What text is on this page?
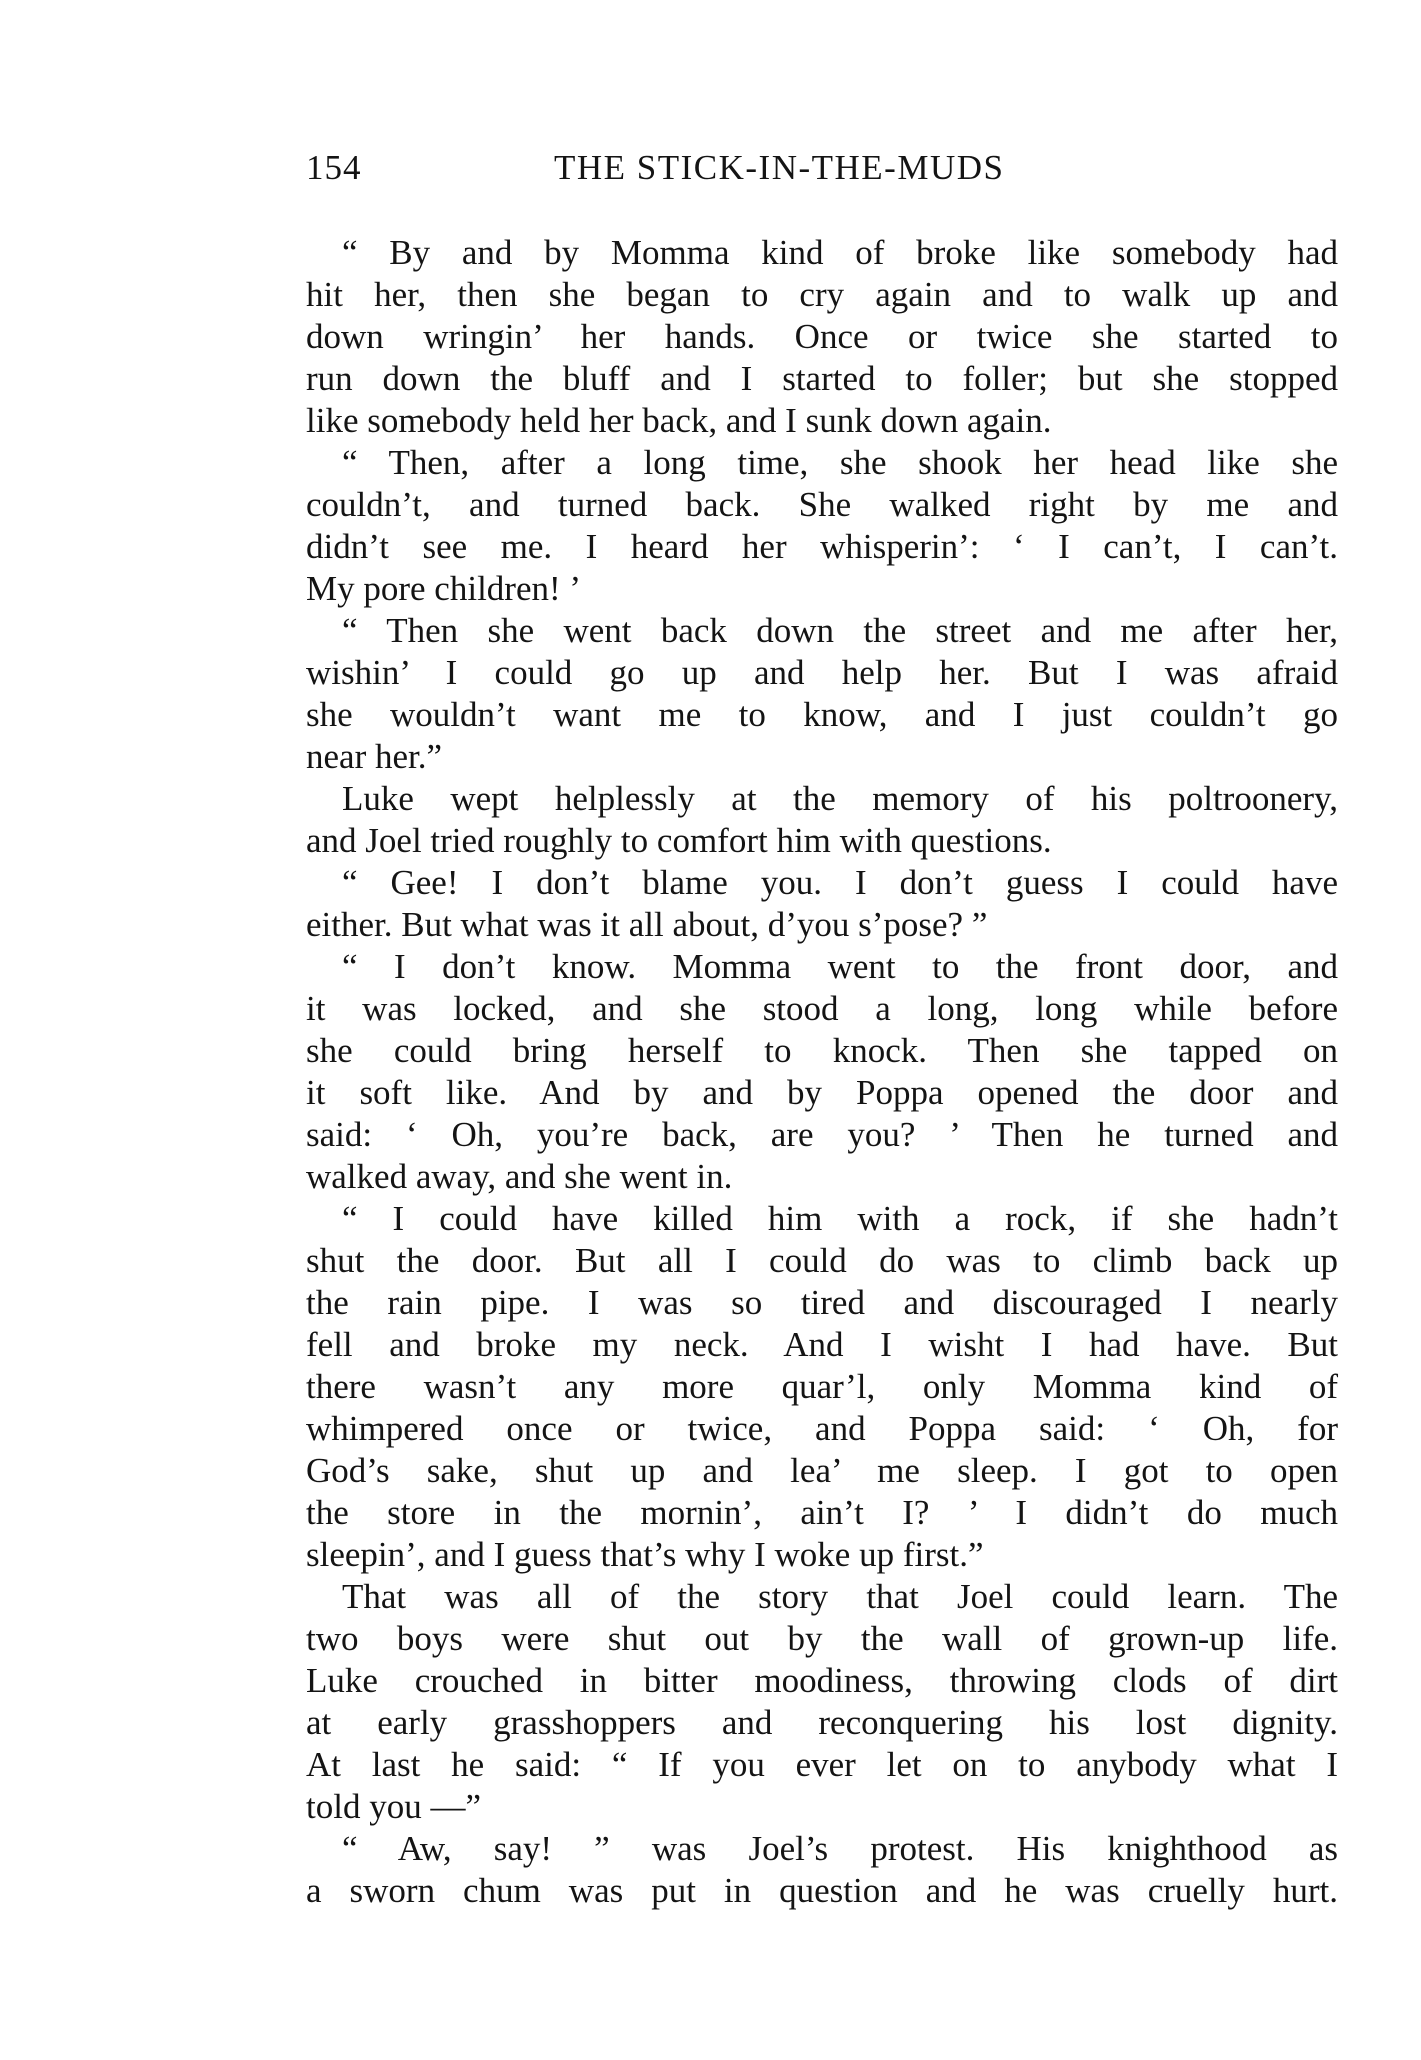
154	THE STICK-IN-THE-MUDS
“ By and by Momma kind of broke like somebody had
hit her, then she began to cry again and to walk up and
down wringin’ her hands. Once or twice she started to
run down the bluff and I started to foller; but she stopped
like somebody held her back, and I sunk down again.
“ Then, after a long time, she shook her head like she
couldn’t, and turned back. She walked right by me and
didn’t see me. I heard her whisperin’: ‘ I can’t, I can’t.
My pore children! ’
“ Then she went back down the street and me after her,
wishin’ I could go up and help her. But I was afraid
she wouldn’t want me to know, and I just couldn’t go
near her.”
Luke wept helplessly at the memory of his poltroonery,
and Joel tried roughly to comfort him with questions.
“ Gee! I don’t blame you. I don’t guess I could have
either. But what was it all about, d’you s’pose? ”
“ I don’t know. Momma went to the front door, and
it was locked, and she stood a long, long while before
she could bring herself to knock. Then she tapped on
it soft like. And by and by Poppa opened the door and
said: ‘ Oh, you’re back, are you? ’ Then he turned and
walked away, and she went in.
“ I could have killed him with a rock, if she hadn’t
shut the door. But all I could do was to climb back up
the rain pipe. I was so tired and discouraged I nearly
fell and broke my neck. And I wisht I had have. But
there wasn’t any more quar’l, only Momma kind of
whimpered once or twice, and Poppa said: ‘ Oh, for
God’s sake, shut up and lea’ me sleep. I got to open
the store in the mornin’, ain’t I? ’ I didn’t do much
sleepin’, and I guess that’s why I woke up first.”
That was all of the story that Joel could learn. The
two boys were shut out by the wall of grown-up life.
Luke crouched in bitter moodiness, throwing clods of dirt
at early grasshoppers and reconquering his lost dignity.
At last he said: “ If you ever let on to anybody what I
told you —”
“ Aw, say! ” was Joel’s protest. His knighthood as
a sworn chum was put in question and he was cruelly hurt.
